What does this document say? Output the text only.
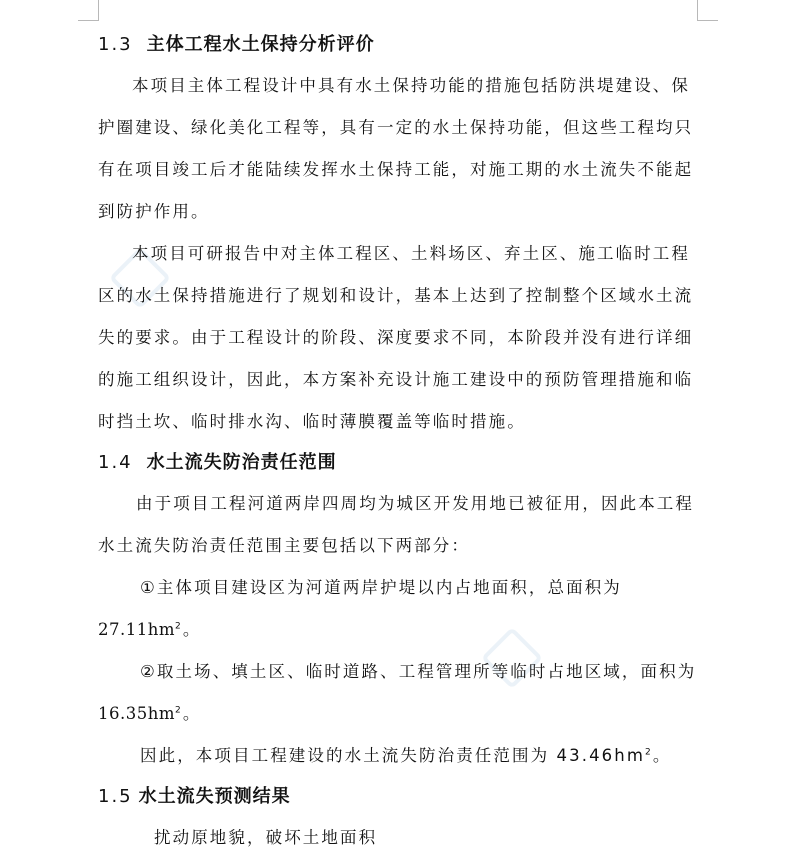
1.3 主体工程水土保持分析评价
本项目主体工程设计中具有水土保持功能的措施包括防洪堤建设、保
护圈建设、绿化美化工程等，具有一定的水土保持功能，但这些工程均只
有在项目竣工后才能陆续发挥水土保持工能，对施工期的水土流失不能起
到防护作用。
本项目可研报告中对主体工程区、土料场区、弃土区、施工临时工程
区的水土保持措施进行了规划和设计，基本上达到了控制整个区域水土流
失的要求。由于工程设计的阶段、深度要求不同，本阶段并没有进行详细
的施工组织设计，因此，本方案补充设计施工建设中的预防管理措施和临
时挡土坎、临时排水沟、临时薄膜覆盖等临时措施。
1.4 水土流失防治责任范围
由于项目工程河道两岸四周均为城区开发用地已被征用，因此本工程
水土流失防治责任范围主要包括以下两部分：
①主体项目建设区为河道两岸护堤以内占地面积，总面积为
$27.11hm^2$。
②取土场、填土区、临时道路、工程管理所等临时占地区域，面积为
$16.35hm^2$。
因此，本项目工程建设的水土流失防治责任范围为 $43.46hm^2$。
1.5 水土流失预测结果
扰动原地貌，破坏土地面积
